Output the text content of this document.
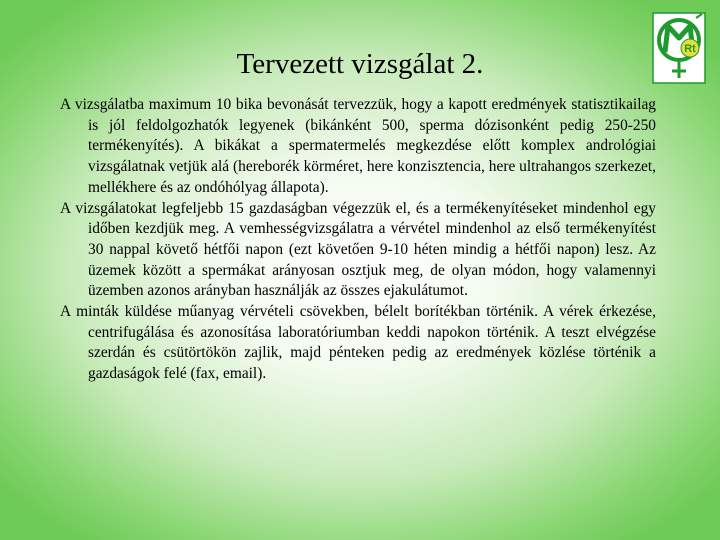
Tervezett vizsgálat 2.	Rt

A vizsgálatba maximum 10 bika bevonását tervezzük, hogy a kapott eredmények statisztikailag is jól feldolgozhatók legyenek (bikánként 500, sperma dózisonként pedig 250-250 termékenyítés). A bikákat a spermatermelés megkezdése előtt komplex andrológiai vizsgálatnak vetjük alá (hereborék körméret, here konzisztencia, here ultrahangos szerkezet, mellékhere és az ondóhólyag állapota).

A vizsgálatokat legfeljebb 15 gazdaságban végezzük el, és a termékenyítéseket mindenhol egy időben kezdjük meg. A vemhességvizsgálatra a vérvétel mindenhol az első termékenyítést 30 nappal követő hétfői napon (ezt követően 9-10 héten mindig a hétfői napon) lesz. Az üzemek között a spermákat arányosan osztjuk meg, de olyan módon, hogy valamennyi üzemben azonos arányban használják az összes ejakulátumot.

A minták küldése műanyag vérvételi csövekben, bélelt borítékban történik. A vérek érkezése, centrifugálása és azonosítása laboratóriumban keddi napokon történik. A teszt elvégzése szerdán és csütörtökön zajlik, majd pénteken pedig az eredmények közlése történik a gazdaságok felé (fax, email).
